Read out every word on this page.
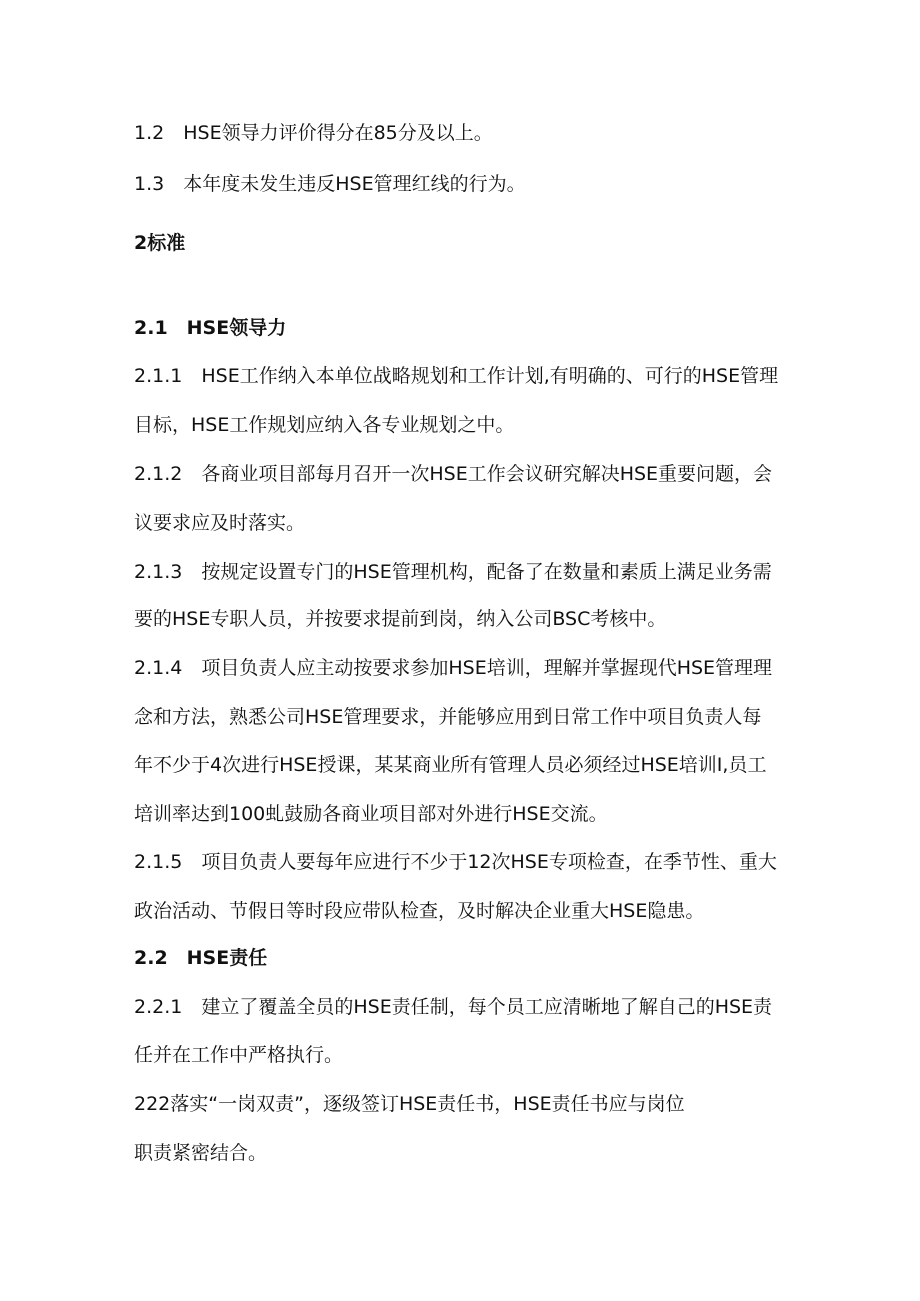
1.2　HSE领导力评价得分在85分及以上。
1.3　本年度未发生违反HSE管理红线的行为。
2标准
2.1　HSE领导力
2.1.1　HSE工作纳入本单位战略规划和工作计划,有明确的、可行的HSE管理
目标，HSE工作规划应纳入各专业规划之中。
2.1.2　各商业项目部每月召开一次HSE工作会议研究解决HSE重要问题，会
议要求应及时落实。
2.1.3　按规定设置专门的HSE管理机构，配备了在数量和素质上满足业务需
要的HSE专职人员，并按要求提前到岗，纳入公司BSC考核中。
2.1.4　项目负责人应主动按要求参加HSE培训，理解并掌握现代HSE管理理
念和方法，熟悉公司HSE管理要求，并能够应用到日常工作中项目负责人每
年不少于4次进行HSE授课，某某商业所有管理人员必须经过HSE培训I,员工
培训率达到100虬鼓励各商业项目部对外进行HSE交流。
2.1.5　项目负责人要每年应进行不少于12次HSE专项检查，在季节性、重大
政治活动、节假日等时段应带队检查，及时解决企业重大HSE隐患。
2.2　HSE责任
2.2.1　建立了覆盖全员的HSE责任制，每个员工应清晰地了解自己的HSE责
任并在工作中严格执行。
222落实“一岗双责”，逐级签订HSE责任书，HSE责任书应与岗位
职责紧密结合。
